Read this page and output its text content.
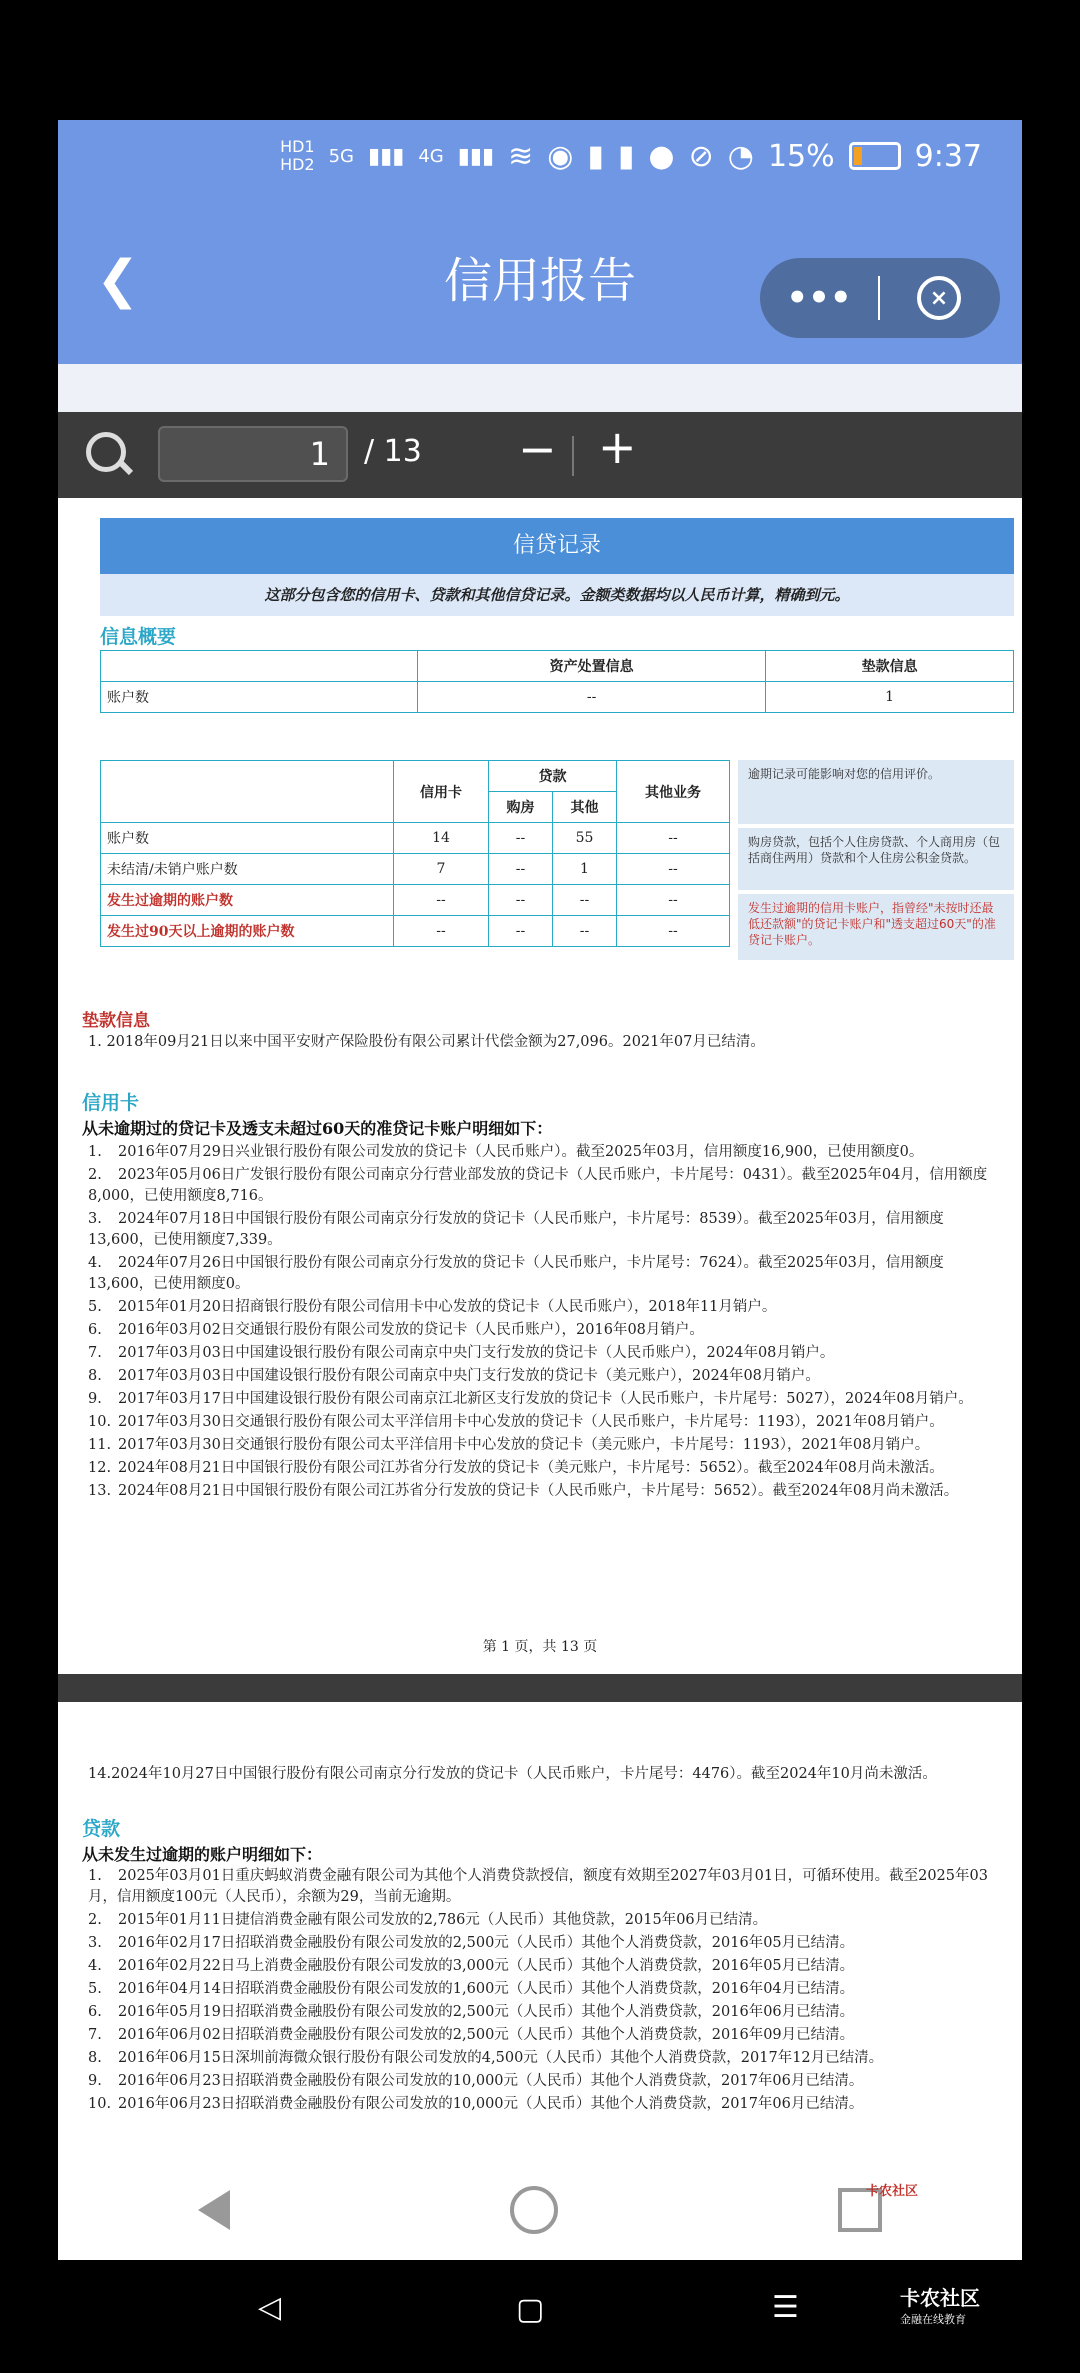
HD1
HD2 5G ▮▮▮ 4G ▮▮▮ ≋ ◉ ▮ ▮ ● ⊘ ◔ 15%	9:37
❮	信用报告	•••	×
1	/ 13 − +
信贷记录
这部分包含您的信用卡、贷款和其他信贷记录。金额类数据均以人民币计算，精确到元。
信息概要
	资产处置信息	垫款信息
账户数	--	1
	信用卡	贷款		其他业务
		购房	其他	
账户数	14	--	55	--
未结清/未销户账户数	7	--	1	--
发生过逾期的账户数	--	--	--	--
发生过90天以上逾期的账户数	--	--	--	--
逾期记录可能影响对您的信用评价。
购房贷款，包括个人住房贷款、个人商用房（包括商住两用）贷款和个人住房公积金贷款。
发生过逾期的信用卡账户，指曾经"未按时还最低还款额"的贷记卡账户和"透支超过60天"的准贷记卡账户。
垫款信息
1. 2018年09月21日以来中国平安财产保险股份有限公司累计代偿金额为27,096。2021年07月已结清。
信用卡
从未逾期过的贷记卡及透支未超过60天的准贷记卡账户明细如下：
1. 2016年07月29日兴业银行股份有限公司发放的贷记卡（人民币账户）。截至2025年03月，信用额度16,900，已使用额度0。
2. 2023年05月06日广发银行股份有限公司南京分行营业部发放的贷记卡（人民币账户，卡片尾号：0431）。截至2025年04月，信用额度8,000，已使用额度8,716。
3. 2024年07月18日中国银行股份有限公司南京分行发放的贷记卡（人民币账户，卡片尾号：8539）。截至2025年03月，信用额度13,600，已使用额度7,339。
4. 2024年07月26日中国银行股份有限公司南京分行发放的贷记卡（人民币账户，卡片尾号：7624）。截至2025年03月，信用额度13,600，已使用额度0。
5. 2015年01月20日招商银行股份有限公司信用卡中心发放的贷记卡（人民币账户），2018年11月销户。
6. 2016年03月02日交通银行股份有限公司发放的贷记卡（人民币账户），2016年08月销户。
7. 2017年03月03日中国建设银行股份有限公司南京中央门支行发放的贷记卡（人民币账户），2024年08月销户。
8. 2017年03月03日中国建设银行股份有限公司南京中央门支行发放的贷记卡（美元账户），2024年08月销户。
9. 2017年03月17日中国建设银行股份有限公司南京江北新区支行发放的贷记卡（人民币账户，卡片尾号：5027），2024年08月销户。
10. 2017年03月30日交通银行股份有限公司太平洋信用卡中心发放的贷记卡（人民币账户，卡片尾号：1193），2021年08月销户。
11. 2017年03月30日交通银行股份有限公司太平洋信用卡中心发放的贷记卡（美元账户，卡片尾号：1193），2021年08月销户。
12. 2024年08月21日中国银行股份有限公司江苏省分行发放的贷记卡（美元账户，卡片尾号：5652）。截至2024年08月尚未激活。
13. 2024年08月21日中国银行股份有限公司江苏省分行发放的贷记卡（人民币账户，卡片尾号：5652）。截至2024年08月尚未激活。
第 1 页，共 13 页
14.2024年10月27日中国银行股份有限公司南京分行发放的贷记卡（人民币账户，卡片尾号：4476）。截至2024年10月尚未激活。
贷款
从未发生过逾期的账户明细如下：
1. 2025年03月01日重庆蚂蚁消费金融有限公司为其他个人消费贷款授信，额度有效期至2027年03月01日，可循环使用。截至2025年03月，信用额度100元（人民币），余额为29，当前无逾期。
2. 2015年01月11日捷信消费金融有限公司发放的2,786元（人民币）其他贷款，2015年06月已结清。
3. 2016年02月17日招联消费金融股份有限公司发放的2,500元（人民币）其他个人消费贷款，2016年05月已结清。
4. 2016年02月22日马上消费金融股份有限公司发放的3,000元（人民币）其他个人消费贷款，2016年05月已结清。
5. 2016年04月14日招联消费金融股份有限公司发放的1,600元（人民币）其他个人消费贷款，2016年04月已结清。
6. 2016年05月19日招联消费金融股份有限公司发放的2,500元（人民币）其他个人消费贷款，2016年06月已结清。
7. 2016年06月02日招联消费金融股份有限公司发放的2,500元（人民币）其他个人消费贷款，2016年09月已结清。
8. 2016年06月15日深圳前海微众银行股份有限公司发放的4,500元（人民币）其他个人消费贷款，2017年12月已结清。
9. 2016年06月23日招联消费金融股份有限公司发放的10,000元（人民币）其他个人消费贷款，2017年06月已结清。
10. 2016年06月23日招联消费金融股份有限公司发放的10,000元（人民币）其他个人消费贷款，2017年06月已结清。
卡农社区
◁	▢	☰	卡农社区
金融在线教育
